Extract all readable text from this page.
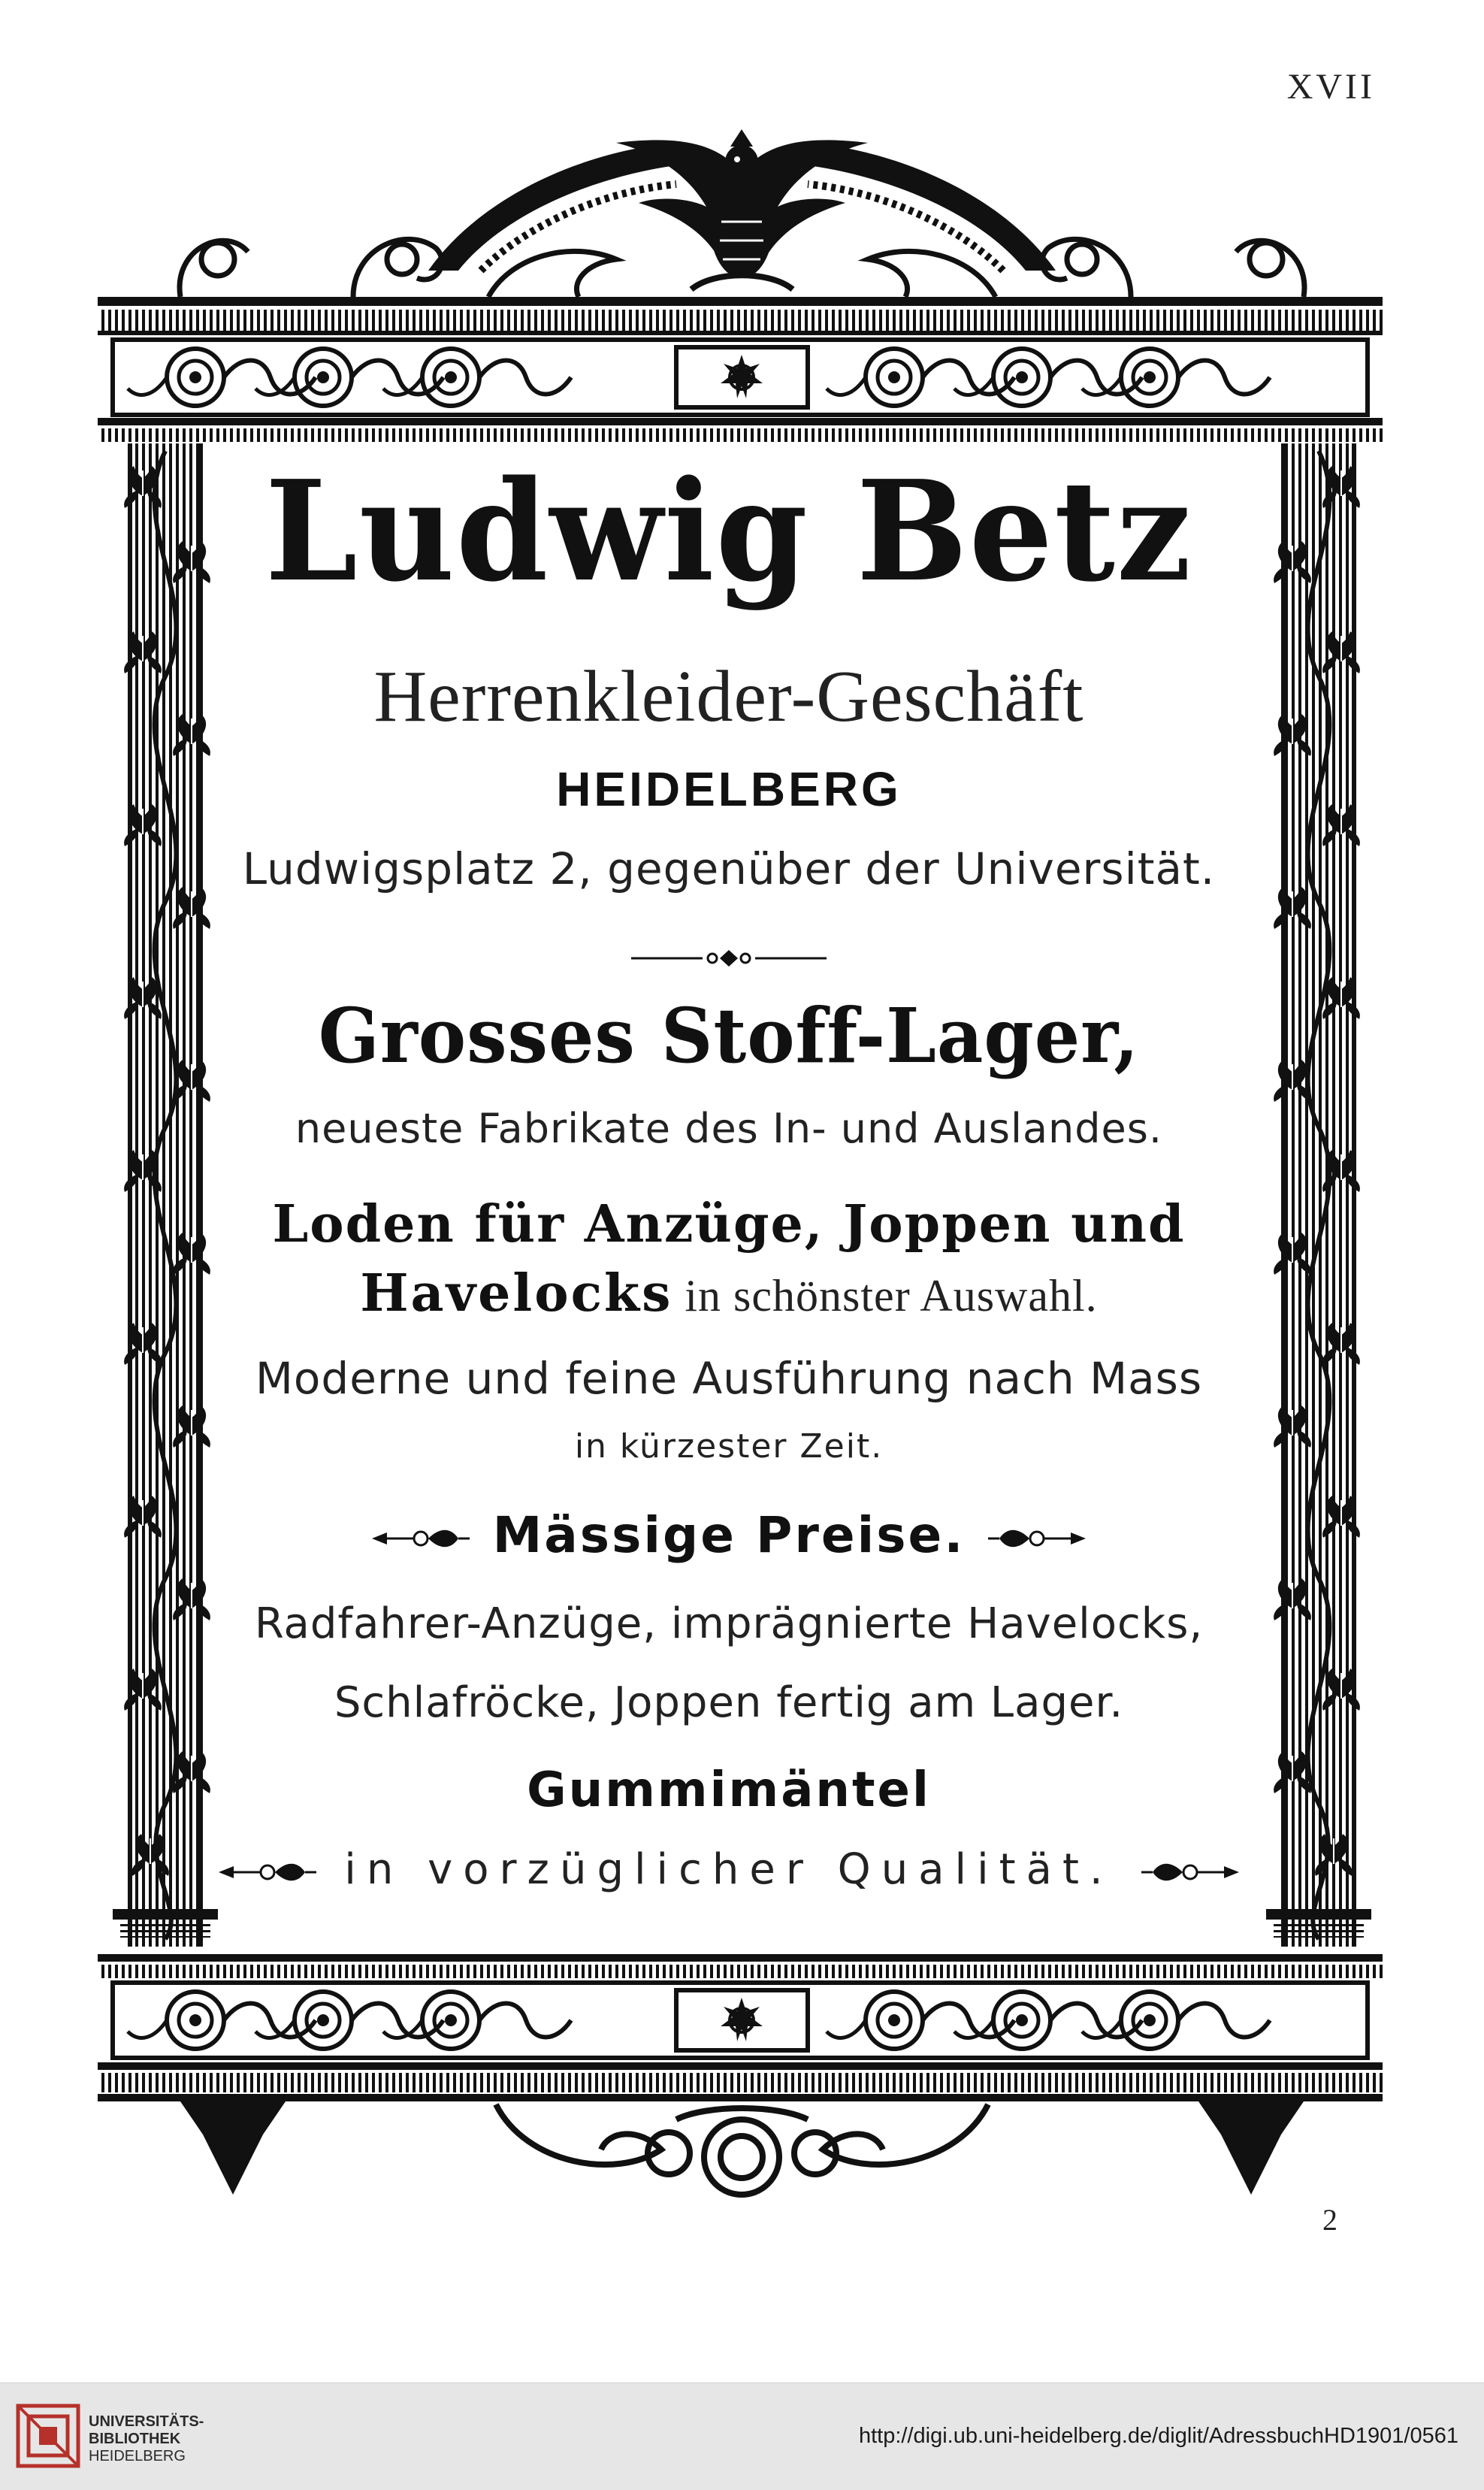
XVII
Ludwig Betz
Herrenkleider-Geschäft
HEIDELBERG
Ludwigsplatz 2, gegenüber der Universität.
Grosses Stoff-Lager,
neueste Fabrikate des In- und Auslandes.
Loden für Anzüge, Joppen und
Havelocks in schönster Auswahl.
Moderne und feine Ausführung nach Mass
in kürzester Zeit.
Mässige Preise.
Radfahrer-Anzüge, imprägnierte Havelocks,
Schlafröcke, Joppen fertig am Lager.
Gummimäntel
in vorzüglicher Qualität.
2
UNIVERSITÄTS-
BIBLIOTHEK
HEIDELBERG
http://digi.ub.uni-heidelberg.de/diglit/AdressbuchHD1901/0561
